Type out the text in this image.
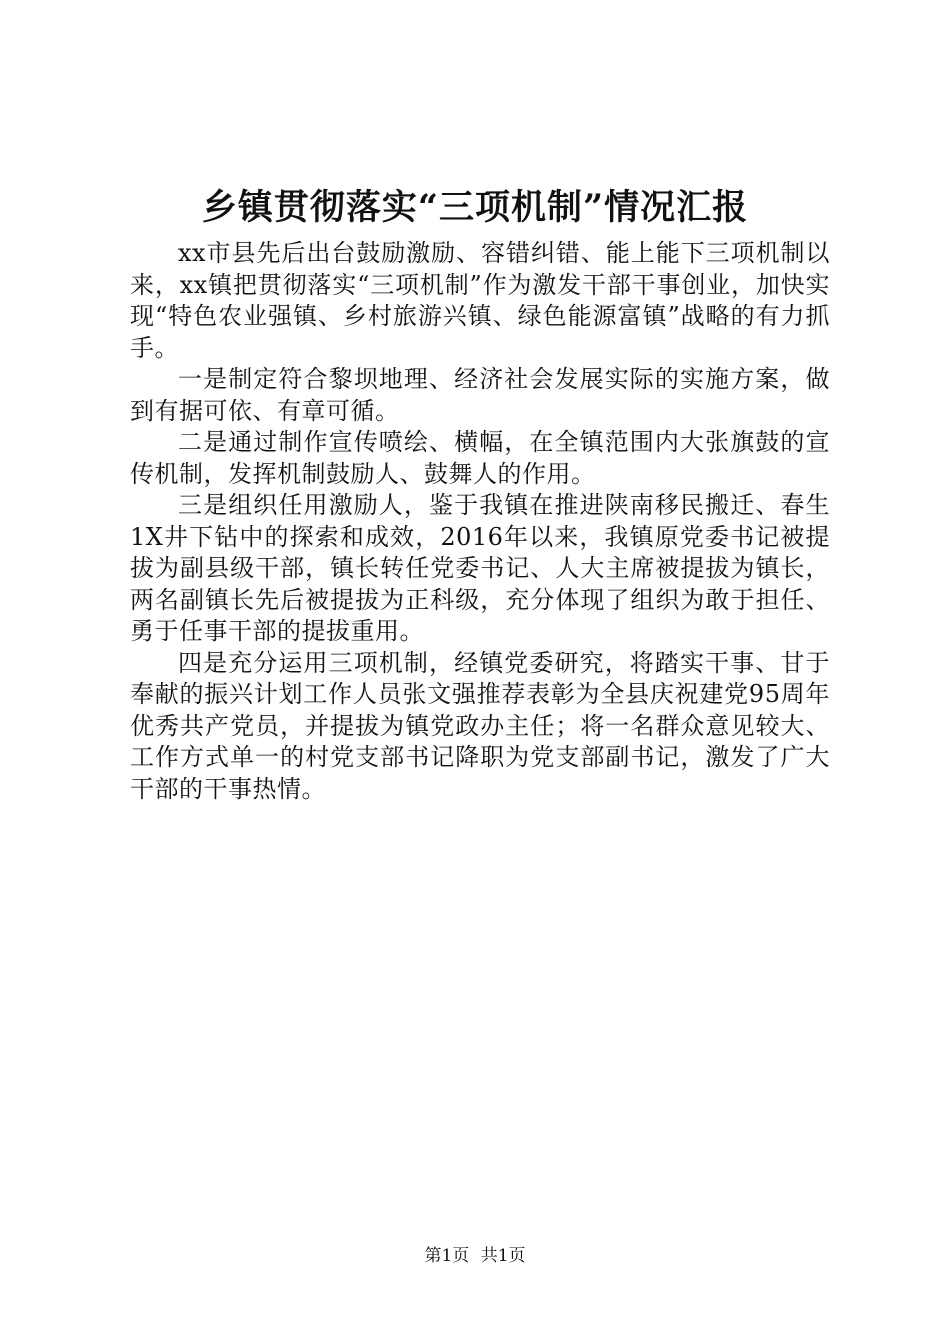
乡镇贯彻落实“三项机制”情况汇报

xx市县先后出台鼓励激励、容错纠错、能上能下三项机制以来，xx镇把贯彻落实“三项机制”作为激发干部干事创业，加快实现“特色农业强镇、乡村旅游兴镇、绿色能源富镇”战略的有力抓手。

一是制定符合黎坝地理、经济社会发展实际的实施方案，做到有据可依、有章可循。

二是通过制作宣传喷绘、横幅，在全镇范围内大张旗鼓的宣传机制，发挥机制鼓励人、鼓舞人的作用。

三是组织任用激励人，鉴于我镇在推进陕南移民搬迁、春生1X井下钻中的探索和成效，2016年以来，我镇原党委书记被提拔为副县级干部，镇长转任党委书记、人大主席被提拔为镇长，两名副镇长先后被提拔为正科级，充分体现了组织为敢于担任、勇于任事干部的提拔重用。

四是充分运用三项机制，经镇党委研究，将踏实干事、甘于奉献的振兴计划工作人员张文强推荐表彰为全县庆祝建党95周年优秀共产党员，并提拔为镇党政办主任；将一名群众意见较大、工作方式单一的村党支部书记降职为党支部副书记，激发了广大干部的干事热情。

第1页 共1页
